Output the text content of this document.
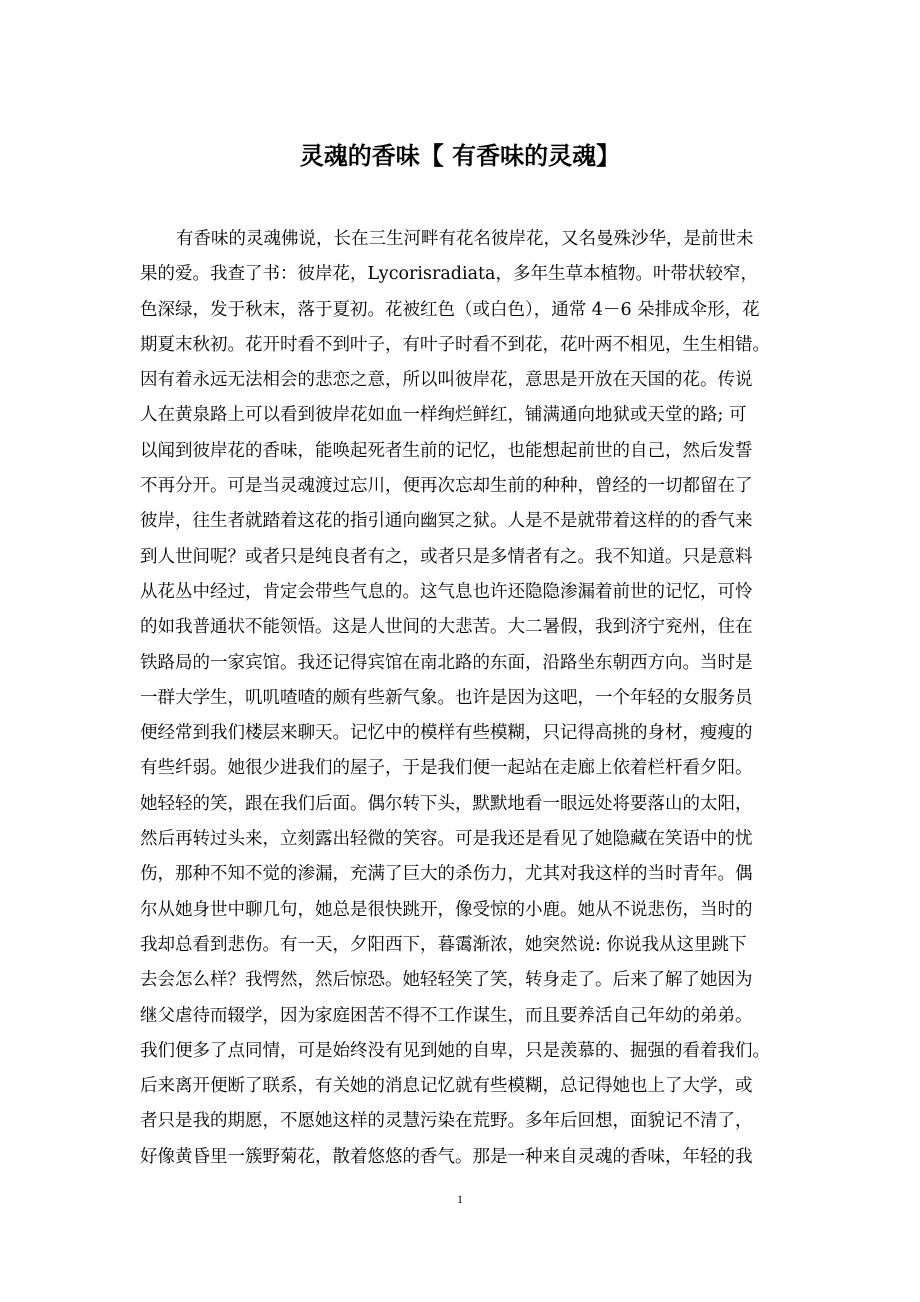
灵魂的香味【 有香味的灵魂】
有香味的灵魂佛说，长在三生河畔有花名彼岸花，又名曼殊沙华，是前世未
果的爱。我查了书：彼岸花，Lycorisradiata，多年生草本植物。叶带状较窄，
色深绿，发于秋末，落于夏初。花被红色（或白色），通常 4－6 朵排成伞形，花
期夏末秋初。花开时看不到叶子，有叶子时看不到花，花叶两不相见，生生相错。
因有着永远无法相会的悲恋之意，所以叫彼岸花，意思是开放在天国的花。传说
人在黄泉路上可以看到彼岸花如血一样绚烂鲜红，铺满通向地狱或天堂的路; 可
以闻到彼岸花的香味，能唤起死者生前的记忆，也能想起前世的自己，然后发誓
不再分开。可是当灵魂渡过忘川，便再次忘却生前的种种，曾经的一切都留在了
彼岸，往生者就踏着这花的指引通向幽冥之狱。人是不是就带着这样的的香气来
到人世间呢？或者只是纯良者有之，或者只是多情者有之。我不知道。只是意料
从花丛中经过，肯定会带些气息的。这气息也许还隐隐渗漏着前世的记忆，可怜
的如我普通状不能领悟。这是人世间的大悲苦。大二暑假，我到济宁兖州，住在
铁路局的一家宾馆。我还记得宾馆在南北路的东面，沿路坐东朝西方向。当时是
一群大学生，叽叽喳喳的颇有些新气象。也许是因为这吧，一个年轻的女服务员
便经常到我们楼层来聊天。记忆中的模样有些模糊，只记得高挑的身材，瘦瘦的
有些纤弱。她很少进我们的屋子，于是我们便一起站在走廊上依着栏杆看夕阳。
她轻轻的笑，跟在我们后面。偶尔转下头，默默地看一眼远处将要落山的太阳，
然后再转过头来，立刻露出轻微的笑容。可是我还是看见了她隐藏在笑语中的忧
伤，那种不知不觉的渗漏，充满了巨大的杀伤力，尤其对我这样的当时青年。偶
尔从她身世中聊几句，她总是很快跳开，像受惊的小鹿。她从不说悲伤，当时的
我却总看到悲伤。有一天，夕阳西下，暮霭渐浓，她突然说: 你说我从这里跳下
去会怎么样？我愕然，然后惊恐。她轻轻笑了笑，转身走了。后来了解了她因为
继父虐待而辍学，因为家庭困苦不得不工作谋生，而且要养活自己年幼的弟弟。
我们便多了点同情，可是始终没有见到她的自卑，只是羡慕的、掘强的看着我们。
后来离开便断了联系，有关她的消息记忆就有些模糊，总记得她也上了大学，或
者只是我的期愿，不愿她这样的灵慧污染在荒野。多年后回想，面貌记不清了，
好像黄昏里一簇野菊花，散着悠悠的香气。那是一种来自灵魂的香味，年轻的我
1
